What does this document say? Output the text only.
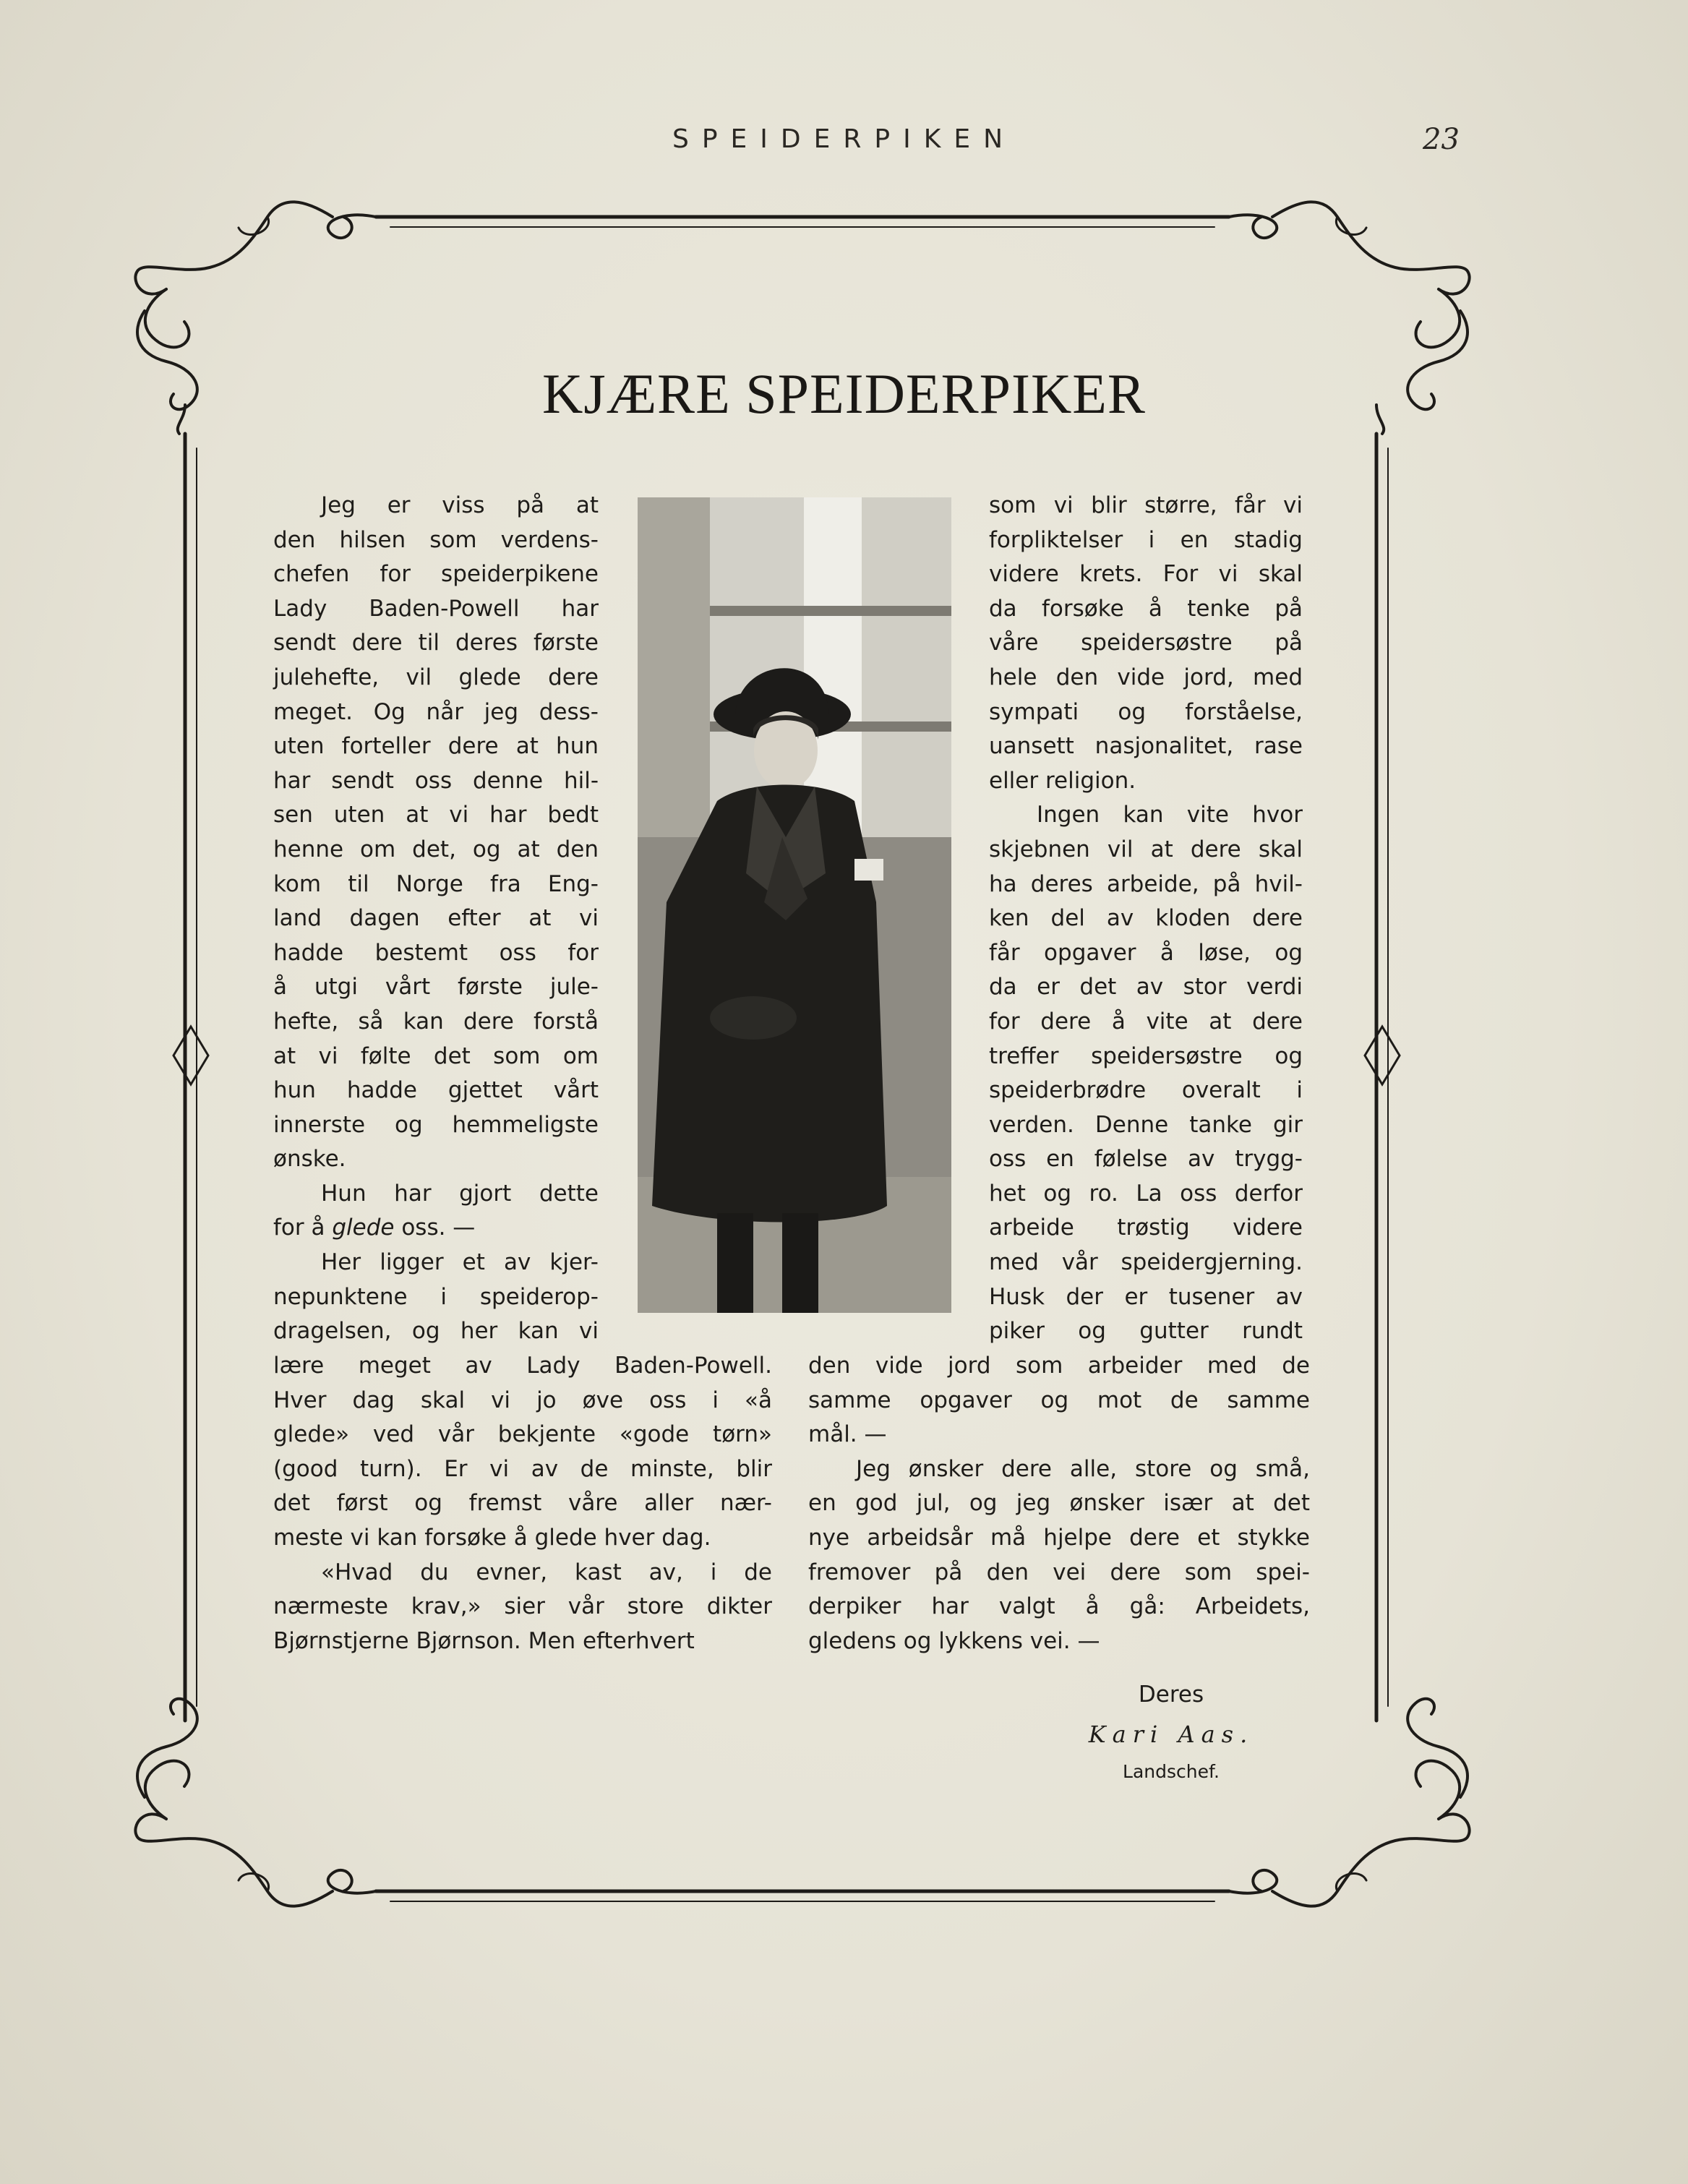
SPEIDERPIKEN	23
KJÆRE SPEIDERPIKER
Jeg er viss på at
den hilsen som verdens-
chefen for speiderpikene
Lady Baden-Powell har
sendt dere til deres første
julehefte, vil glede dere
meget. Og når jeg dess-
uten forteller dere at hun
har sendt oss denne hil-
sen uten at vi har bedt
henne om det, og at den
kom til Norge fra Eng-
land dagen efter at vi
hadde bestemt oss for
å utgi vårt første jule-
hefte, så kan dere forstå
at vi følte det som om
hun hadde gjettet vårt
innerste og hemmeligste
ønske.
Hun har gjort dette
for å glede oss. —
Her ligger et av kjer-
nepunktene i speiderop-
dragelsen, og her kan vi
lære meget av Lady Baden-Powell.
Hver dag skal vi jo øve oss i «å
glede» ved vår bekjente «gode tørn»
(good turn). Er vi av de minste, blir
det først og fremst våre aller nær-
meste vi kan forsøke å glede hver dag.
«Hvad du evner, kast av, i de
nærmeste krav,» sier vår store dikter
Bjørnstjerne Bjørnson. Men efterhvert
som vi blir større, får vi
forpliktelser i en stadig
videre krets. For vi skal
da forsøke å tenke på
våre speidersøstre på
hele den vide jord, med
sympati og forståelse,
uansett nasjonalitet, rase
eller religion.
Ingen kan vite hvor
skjebnen vil at dere skal
ha deres arbeide, på hvil-
ken del av kloden dere
får opgaver å løse, og
da er det av stor verdi
for dere å vite at dere
treffer speidersøstre og
speiderbrødre overalt i
verden. Denne tanke gir
oss en følelse av trygg-
het og ro. La oss derfor
arbeide trøstig videre
med vår speidergjerning.
Husk der er tusener av
piker og gutter rundt
den vide jord som arbeider med de
samme opgaver og mot de samme
mål. —
Jeg ønsker dere alle, store og små,
en god jul, og jeg ønsker især at det
nye arbeidsår må hjelpe dere et stykke
fremover på den vei dere som spei-
derpiker har valgt å gå: Arbeidets,
gledens og lykkens vei. —
Deres
Kari Aas.
Landschef.
